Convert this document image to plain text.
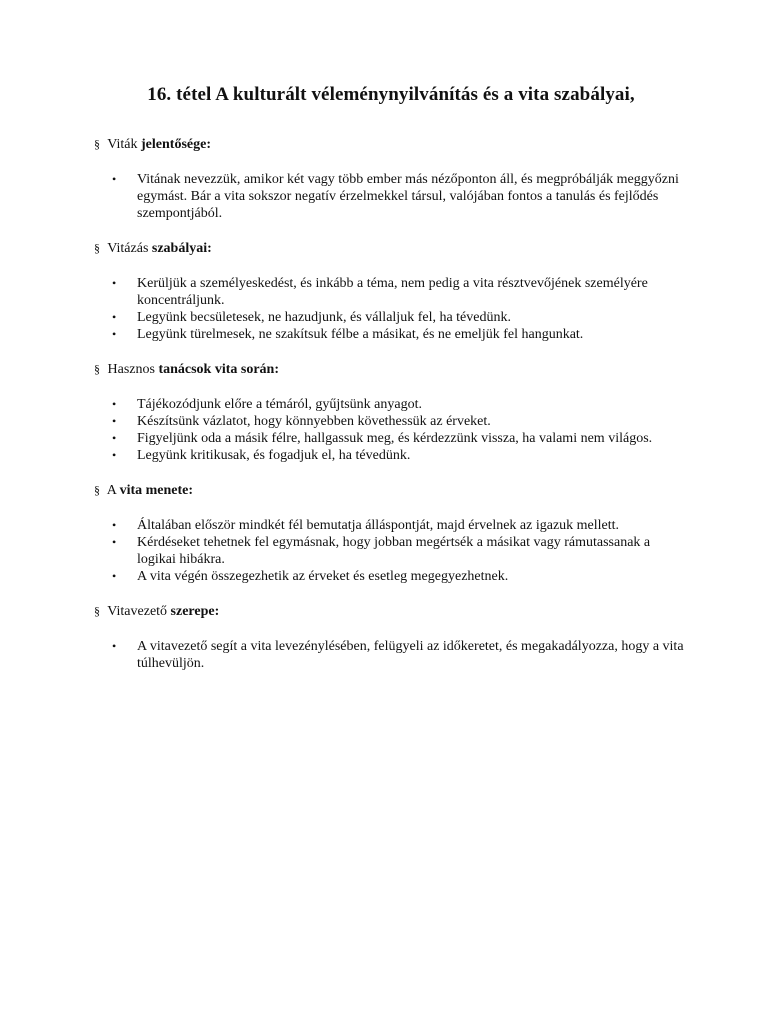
16. tétel A kulturált véleménynyilvánítás és a vita szabályai,
§ Viták jelentősége:
• Vitának nevezzük, amikor két vagy több ember más nézőponton áll, és megpróbálják meggyőzni egymást. Bár a vita sokszor negatív érzelmekkel társul, valójában fontos a tanulás és fejlődés szempontjából.
§ Vitázás szabályai:
• Kerüljük a személyeskedést, és inkább a téma, nem pedig a vita résztvevőjének személyére koncentráljunk.
• Legyünk becsületesek, ne hazudjunk, és vállaljuk fel, ha tévedünk.
• Legyünk türelmesek, ne szakítsuk félbe a másikat, és ne emeljük fel hangunkat.
§ Hasznos tanácsok vita során:
• Tájékozódjunk előre a témáról, gyűjtsünk anyagot.
• Készítsünk vázlatot, hogy könnyebben követhessük az érveket.
• Figyeljünk oda a másik félre, hallgassuk meg, és kérdezzünk vissza, ha valami nem világos.
• Legyünk kritikusak, és fogadjuk el, ha tévedünk.
§ A vita menete:
• Általában először mindkét fél bemutatja álláspontját, majd érvelnek az igazuk mellett.
• Kérdéseket tehetnek fel egymásnak, hogy jobban megértsék a másikat vagy rámutassanak a logikai hibákra.
• A vita végén összegezhetik az érveket és esetleg megegyezhetnek.
§ Vitavezető szerepe:
• A vitavezető segít a vita levezénylésében, felügyeli az időkeretet, és megakadályozza, hogy a vita túlhevüljön.
